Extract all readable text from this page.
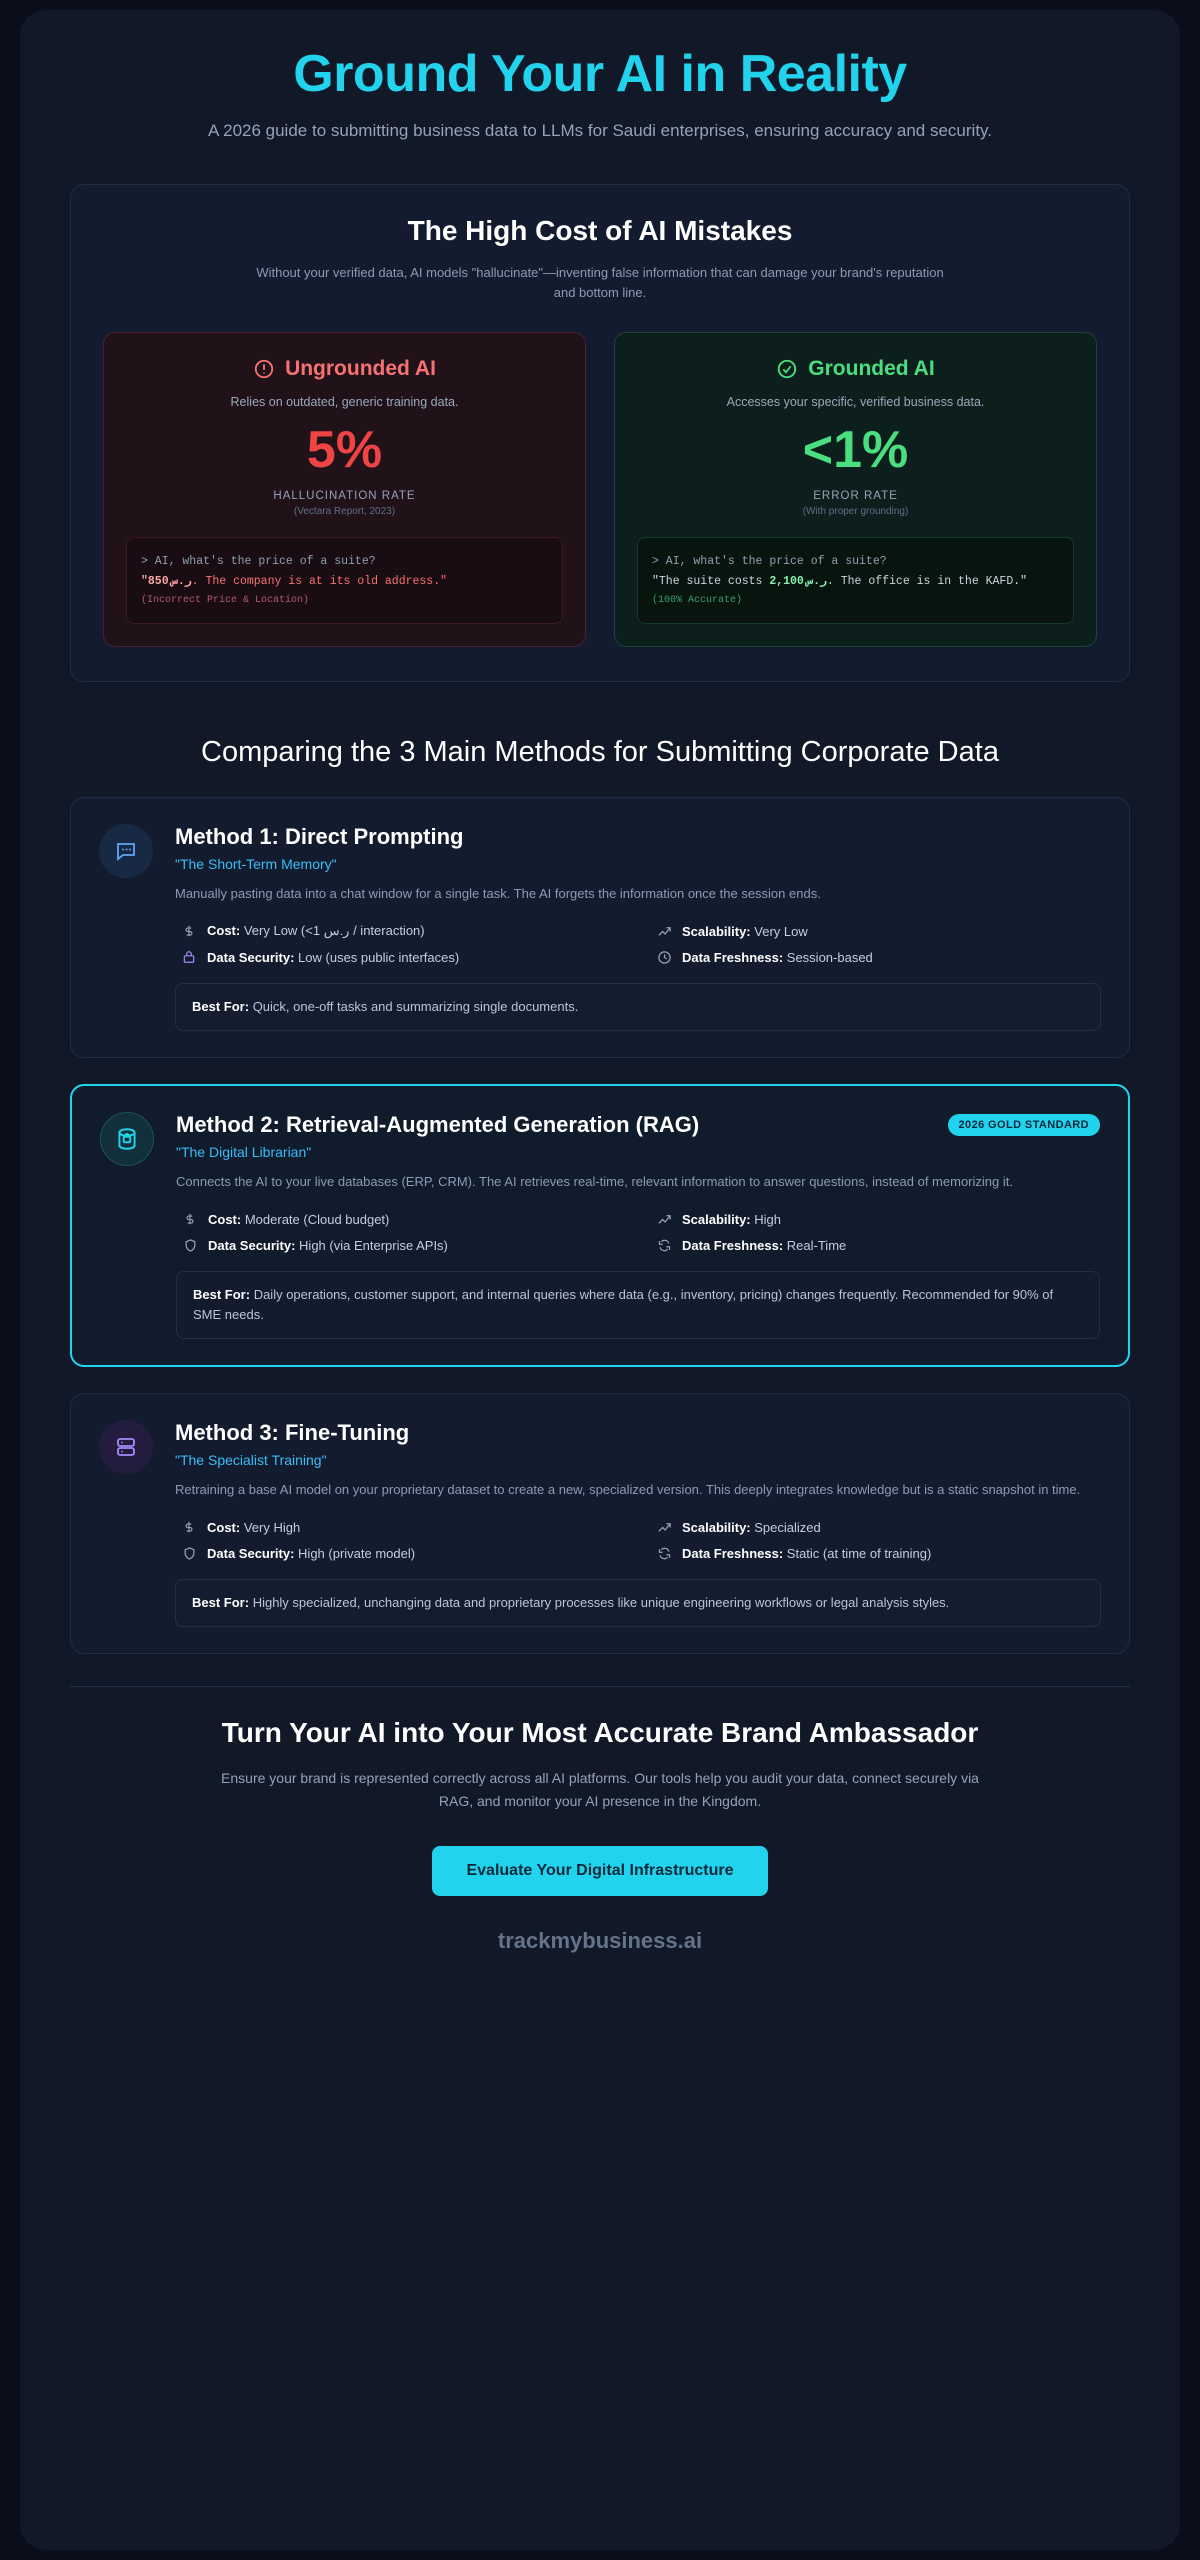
Ground Your AI in Reality

A 2026 guide to submitting business data to LLMs for Saudi enterprises, ensuring accuracy and security.

The High Cost of AI Mistakes
Without your verified data, AI models "hallucinate"—inventing false information that can damage your brand's reputation and bottom line.
Ungrounded AI
Relies on outdated, generic training data.
5%
HALLUCINATION RATE
(Vectara Report, 2023)
> AI, what's the price of a suite?
"850 ر.س. The company is at its old address."
(Incorrect Price & Location)
Grounded AI
Accesses your specific, verified business data.
<1%
ERROR RATE
(With proper grounding)
> AI, what's the price of a suite?
"The suite costs 2,100 ر.س. The office is in the KAFD."
(100% Accurate)
Comparing the 3 Main Methods for Submitting Corporate Data
Method 1: Direct Prompting
"The Short-Term Memory"
Manually pasting data into a chat window for a single task. The AI forgets the information once the session ends.
Cost: Very Low (<1 ر.س / interaction)	Scalability: Very Low
Data Security: Low (uses public interfaces)	Data Freshness: Session-based
Best For: Quick, one-off tasks and summarizing single documents.
Method 2: Retrieval-Augmented Generation (RAG)	2026 GOLD STANDARD
"The Digital Librarian"
Connects the AI to your live databases (ERP, CRM). The AI retrieves real-time, relevant information to answer questions, instead of memorizing it.
Cost: Moderate (Cloud budget)	Scalability: High
Data Security: High (via Enterprise APIs)	Data Freshness: Real-Time
Best For: Daily operations, customer support, and internal queries where data (e.g., inventory, pricing) changes frequently. Recommended for 90% of SME needs.
Method 3: Fine-Tuning
"The Specialist Training"
Retraining a base AI model on your proprietary dataset to create a new, specialized version. This deeply integrates knowledge but is a static snapshot in time.
Cost: Very High	Scalability: Specialized
Data Security: High (private model)	Data Freshness: Static (at time of training)
Best For: Highly specialized, unchanging data and proprietary processes like unique engineering workflows or legal analysis styles.
Turn Your AI into Your Most Accurate Brand Ambassador

Ensure your brand is represented correctly across all AI platforms. Our tools help you audit your data, connect securely via RAG, and monitor your AI presence in the Kingdom.

Evaluate Your Digital Infrastructure
trackmybusiness.ai
